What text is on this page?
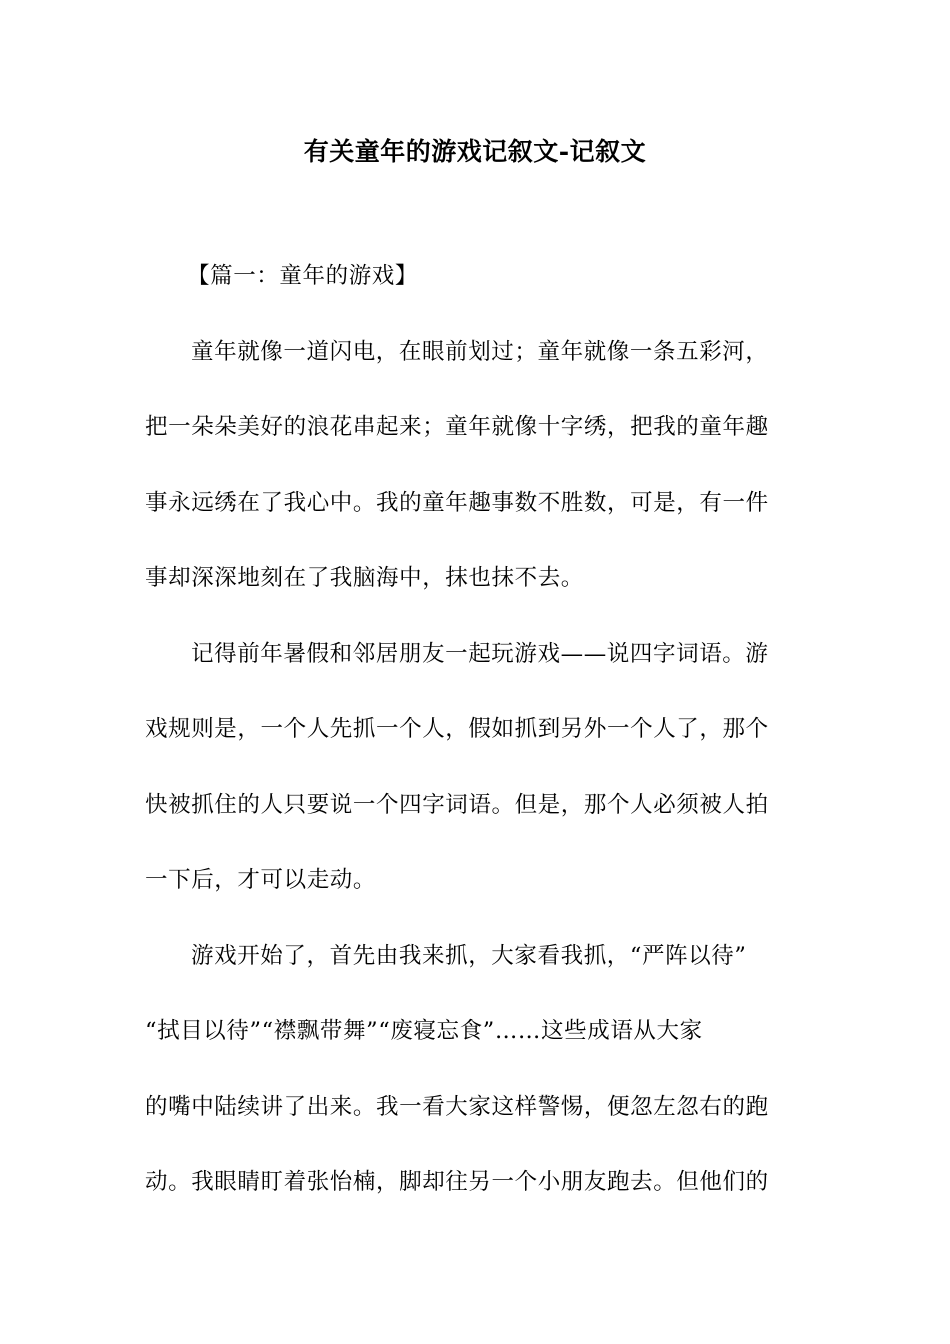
有关童年的游戏记叙文-记叙文
【篇一：童年的游戏】
童年就像一道闪电，在眼前划过；童年就像一条五彩河，
把一朵朵美好的浪花串起来；童年就像十字绣，把我的童年趣
事永远绣在了我心中。我的童年趣事数不胜数，可是，有一件
事却深深地刻在了我脑海中，抹也抹不去。
记得前年暑假和邻居朋友一起玩游戏——说四字词语。游
戏规则是，一个人先抓一个人，假如抓到另外一个人了，那个
快被抓住的人只要说一个四字词语。但是，那个人必须被人拍
一下后，才可以走动。
游戏开始了，首先由我来抓，大家看我抓，“严阵以待”
“拭目以待”“襟飘带舞”“废寝忘食”……这些成语从大家
的嘴中陆续讲了出来。我一看大家这样警惕，便忽左忽右的跑
动。我眼睛盯着张怡楠，脚却往另一个小朋友跑去。但他们的
